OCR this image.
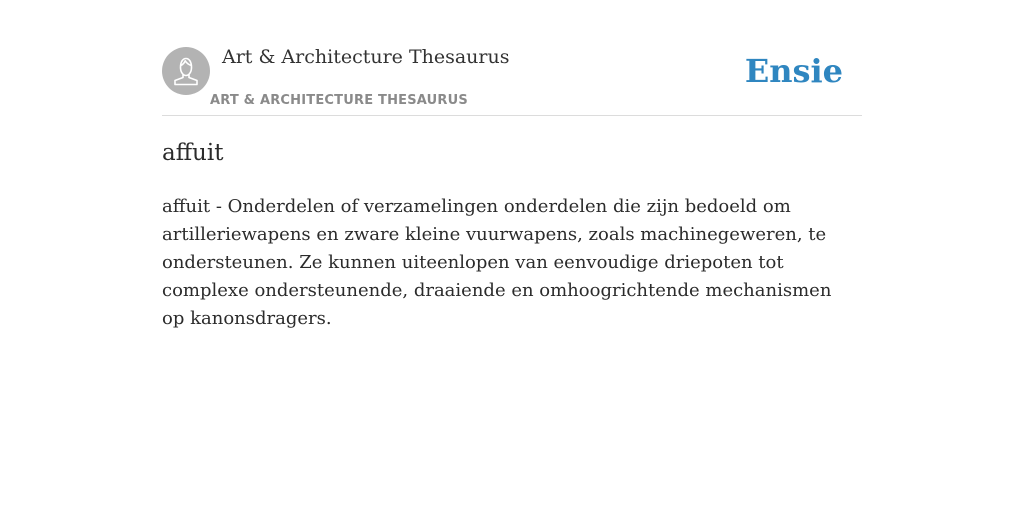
Art & Architecture Thesaurus
ART & ARCHITECTURE THESAURUS
Ensie
affuit

affuit - Onderdelen of verzamelingen onderdelen die zijn bedoeld om artilleriewapens en zware kleine vuurwapens, zoals machinegeweren, te ondersteunen. Ze kunnen uiteenlopen van eenvoudige driepoten tot complexe ondersteunende, draaiende en omhoogrichtende mechanismen op kanonsdragers.
